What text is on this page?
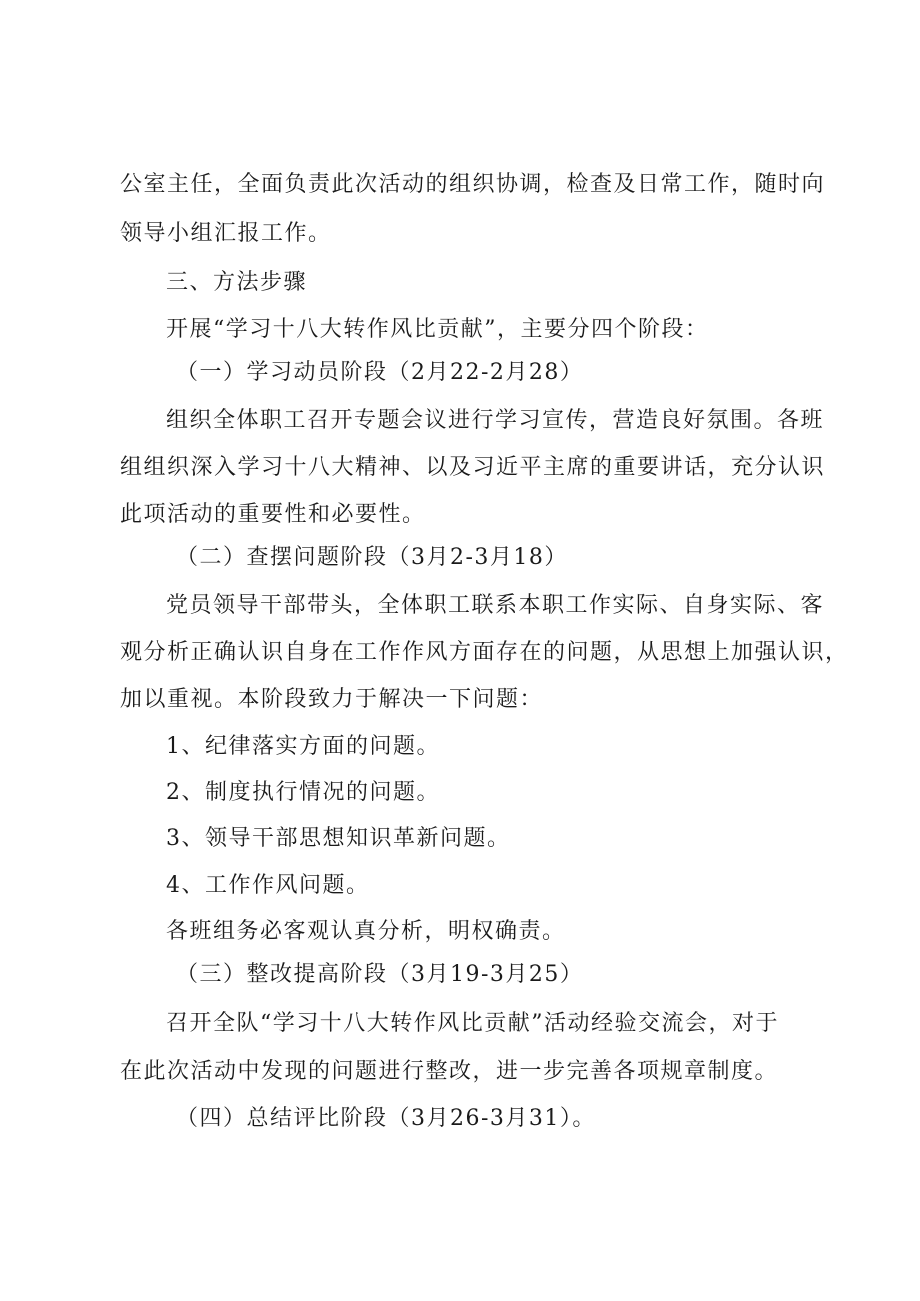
公室主任，全面负责此次活动的组织协调，检查及日常工作，随时向
领导小组汇报工作。
三、方法步骤
开展“学习十八大转作风比贡献”，主要分四个阶段：
（一）学习动员阶段（2月22-2月28）
组织全体职工召开专题会议进行学习宣传，营造良好氛围。各班
组组织深入学习十八大精神、以及习近平主席的重要讲话，充分认识
此项活动的重要性和必要性。
（二）查摆问题阶段（3月2-3月18）
党员领导干部带头，全体职工联系本职工作实际、自身实际、客
观分析正确认识自身在工作作风方面存在的问题，从思想上加强认识，
加以重视。本阶段致力于解决一下问题：
1、纪律落实方面的问题。
2、制度执行情况的问题。
3、领导干部思想知识革新问题。
4、工作作风问题。
各班组务必客观认真分析，明权确责。
（三）整改提高阶段（3月19-3月25）
召开全队“学习十八大转作风比贡献”活动经验交流会，对于
在此次活动中发现的问题进行整改，进一步完善各项规章制度。
（四）总结评比阶段（3月26-3月31）。
